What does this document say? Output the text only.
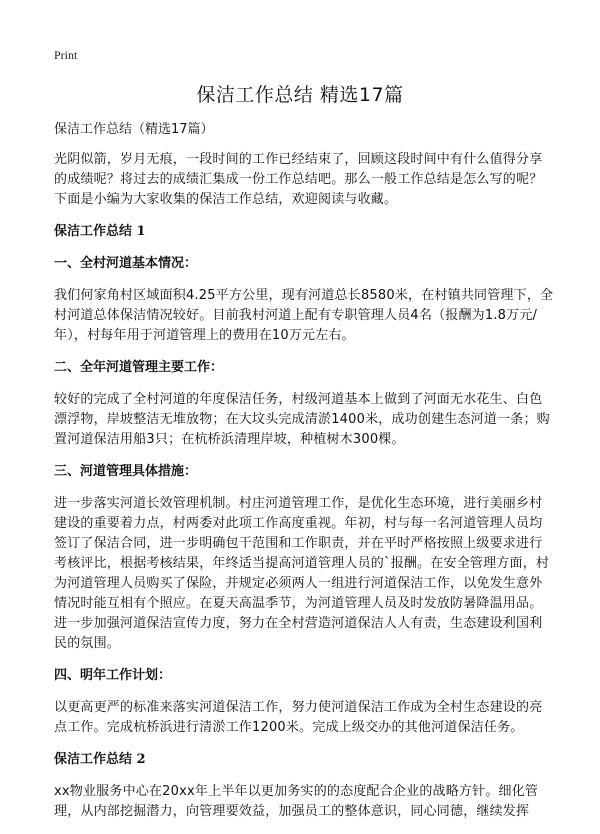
Print
保洁工作总结 精选17篇
保洁工作总结（精选17篇）

光阴似箭，岁月无痕，一段时间的工作已经结束了，回顾这段时间中有什么值得分享的成绩呢？将过去的成绩汇集成一份工作总结吧。那么一般工作总结是怎么写的呢？下面是小编为大家收集的保洁工作总结，欢迎阅读与收藏。

保洁工作总结 1
一、全村河道基本情况：

我们何家角村区域面积4.25平方公里，现有河道总长8580米，在村镇共同管理下，全村河道总体保洁情况较好。目前我村河道上配有专职管理人员4名（报酬为1.8万元/年），村每年用于河道管理上的费用在10万元左右。

二、全年河道管理主要工作：

较好的完成了全村河道的年度保洁任务，村级河道基本上做到了河面无水花生、白色漂浮物，岸坡整洁无堆放物；在大坟头完成清淤1400米，成功创建生态河道一条；购置河道保洁用船3只；在杭桥浜清理岸坡，种植树木300棵。

三、河道管理具体措施：

进一步落实河道长效管理机制。村庄河道管理工作，是优化生态环境，进行美丽乡村建设的重要着力点，村两委对此项工作高度重视。年初，村与每一名河道管理人员均签订了保洁合同，进一步明确包干范围和工作职责，并在平时严格按照上级要求进行考核评比，根据考核结果，年终适当提高河道管理人员的`报酬。在安全管理方面，村为河道管理人员购买了保险，并规定必须两人一组进行河道保洁工作，以免发生意外情况时能互相有个照应。在夏天高温季节，为河道管理人员及时发放防暑降温用品。进一步加强河道保洁宣传力度，努力在全村营造河道保洁人人有责，生态建设利国利民的氛围。

四、明年工作计划：

以更高更严的标准来落实河道保洁工作，努力使河道保洁工作成为全村生态建设的亮点工作。完成杭桥浜进行清淤工作1200米。完成上级交办的其他河道保洁任务。

保洁工作总结 2

xx物业服务中心在20xx年上半年以更加务实的的态度配合企业的战略方针。细化管理，从内部挖掘潜力，向管理要效益，加强员工的整体意识，同心同德，继续发挥
